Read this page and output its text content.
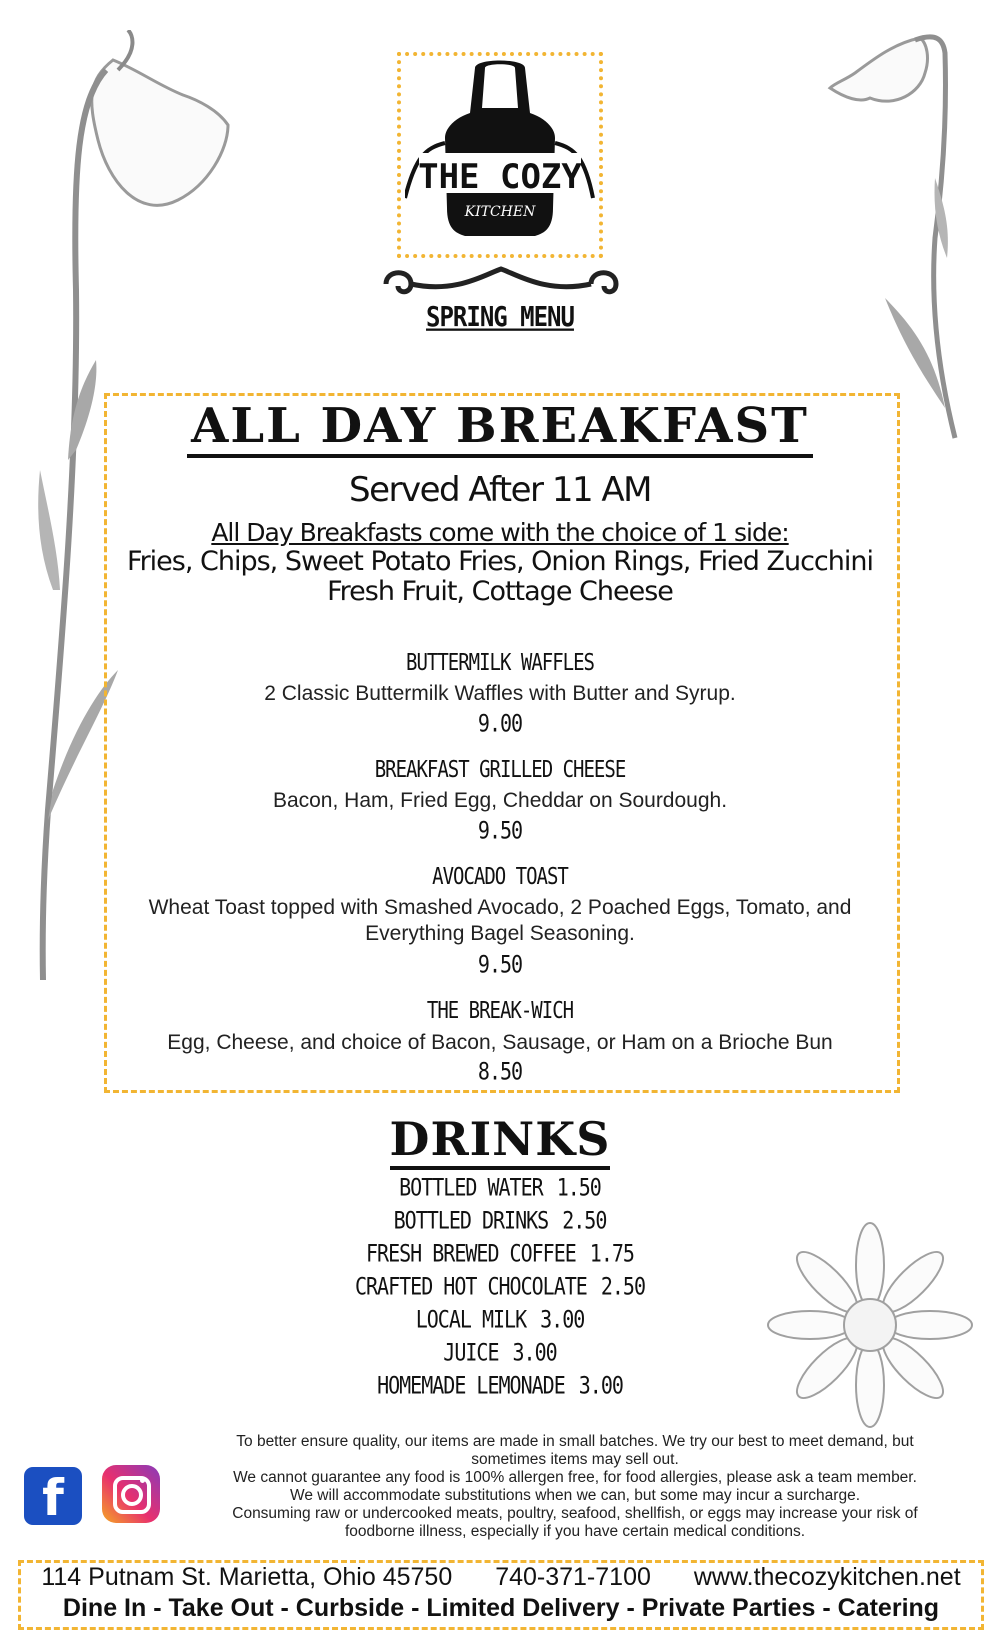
THE COZY
KITCHEN
SPRING MENU
ALL DAY BREAKFAST
Served After 11 AM
All Day Breakfasts come with the choice of 1 side:
Fries, Chips, Sweet Potato Fries, Onion Rings, Fried Zucchini
Fresh Fruit, Cottage Cheese
BUTTERMILK WAFFLES
2 Classic Buttermilk Waffles with Butter and Syrup.
9.00
BREAKFAST GRILLED CHEESE
Bacon, Ham, Fried Egg, Cheddar on Sourdough.
9.50
AVOCADO TOAST
Wheat Toast topped with Smashed Avocado, 2 Poached Eggs, Tomato, and Everything Bagel Seasoning.
9.50
THE BREAK-WICH
Egg, Cheese, and choice of Bacon, Sausage, or Ham on a Brioche Bun
8.50
DRINKS
BOTTLED WATER 1.50
BOTTLED DRINKS 2.50
FRESH BREWED COFFEE 1.75
CRAFTED HOT CHOCOLATE 2.50
LOCAL MILK 3.00
JUICE 3.00
HOMEMADE LEMONADE 3.00
To better ensure quality, our items are made in small batches. We try our best to meet demand, but
sometimes items may sell out.
We cannot guarantee any food is 100% allergen free, for food allergies, please ask a team member.
We will accommodate substitutions when we can, but some may incur a surcharge.
Consuming raw or undercooked meats, poultry, seafood, shellfish, or eggs may increase your risk of
foodborne illness, especially if you have certain medical conditions.
f
114 Putnam St. Marietta, Ohio 45750 740-371-7100 www.thecozykitchen.net
Dine In - Take Out - Curbside - Limited Delivery - Private Parties - Catering
